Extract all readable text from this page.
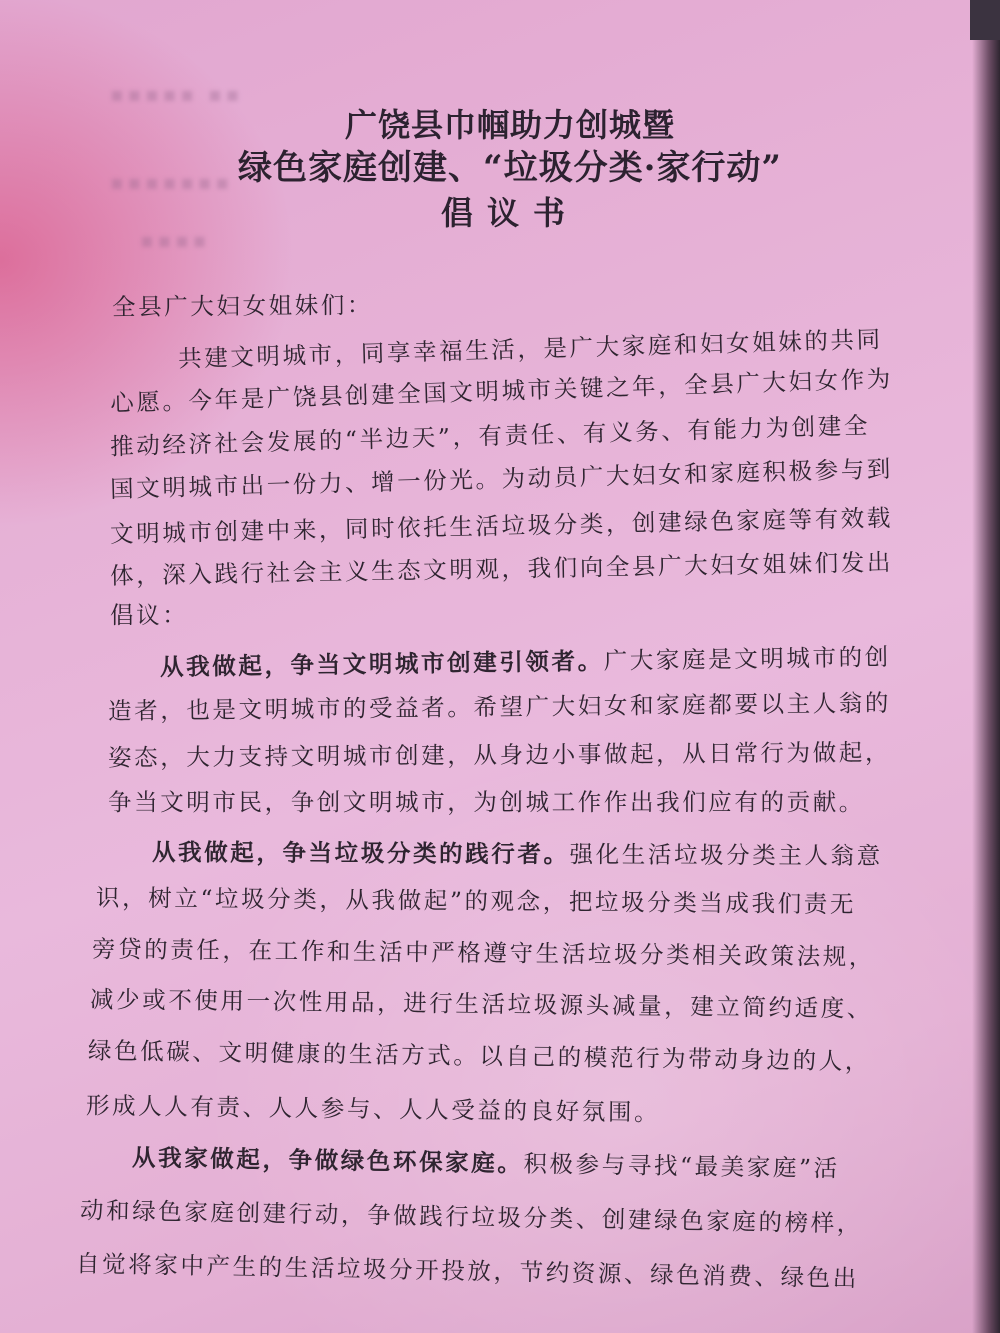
▪▪▪▪▪ ▪▪
▪▪▪▪▪▪▪
▪▪▪▪
广饶县巾帼助力创城暨
绿色家庭创建、“垃圾分类·家行动”
倡议书
全县广大妇女姐妹们：
共建文明城市，同享幸福生活，是广大家庭和妇女姐妹的共同
心愿。今年是广饶县创建全国文明城市关键之年，全县广大妇女作为
推动经济社会发展的“半边天”，有责任、有义务、有能力为创建全
国文明城市出一份力、增一份光。为动员广大妇女和家庭积极参与到
文明城市创建中来，同时依托生活垃圾分类，创建绿色家庭等有效载
体，深入践行社会主义生态文明观，我们向全县广大妇女姐妹们发出
倡议：
从我做起，争当文明城市创建引领者。广大家庭是文明城市的创
造者，也是文明城市的受益者。希望广大妇女和家庭都要以主人翁的
姿态，大力支持文明城市创建，从身边小事做起，从日常行为做起，
争当文明市民，争创文明城市，为创城工作作出我们应有的贡献。
从我做起，争当垃圾分类的践行者。强化生活垃圾分类主人翁意
识，树立“垃圾分类，从我做起”的观念，把垃圾分类当成我们责无
旁贷的责任，在工作和生活中严格遵守生活垃圾分类相关政策法规，
减少或不使用一次性用品，进行生活垃圾源头减量，建立简约适度、
绿色低碳、文明健康的生活方式。以自己的模范行为带动身边的人，
形成人人有责、人人参与、人人受益的良好氛围。
从我家做起，争做绿色环保家庭。积极参与寻找“最美家庭”活
动和绿色家庭创建行动，争做践行垃圾分类、创建绿色家庭的榜样，
自觉将家中产生的生活垃圾分开投放，节约资源、绿色消费、绿色出
